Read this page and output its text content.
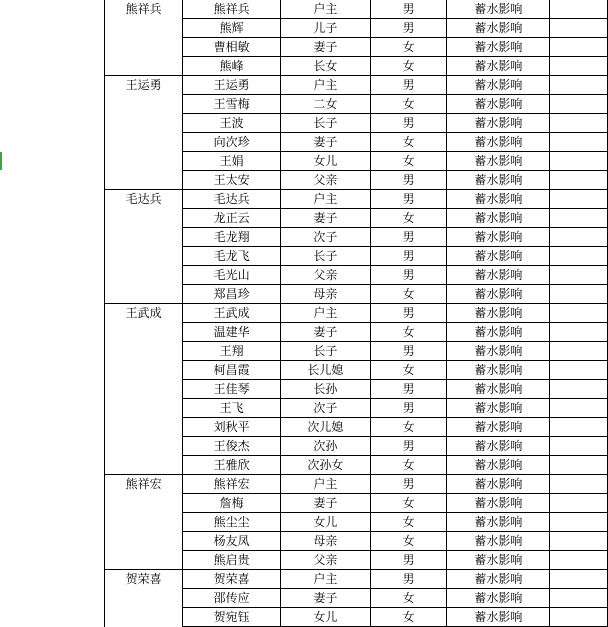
熊祥兵	熊祥兵	户主	男	蓄水影响	
	熊辉	儿子	男	蓄水影响	
	曹相敏	妻子	女	蓄水影响	
	熊峰	长女	女	蓄水影响	
王运勇	王运勇	户主	男	蓄水影响	
	王雪梅	二女	女	蓄水影响	
	王波	长子	男	蓄水影响	
	向次珍	妻子	女	蓄水影响	
	王娟	女儿	女	蓄水影响	
	王太安	父亲	男	蓄水影响	
毛达兵	毛达兵	户主	男	蓄水影响	
	龙正云	妻子	女	蓄水影响	
	毛龙翔	次子	男	蓄水影响	
	毛龙飞	长子	男	蓄水影响	
	毛光山	父亲	男	蓄水影响	
	郑昌珍	母亲	女	蓄水影响	
王武成	王武成	户主	男	蓄水影响	
	温建华	妻子	女	蓄水影响	
	王翔	长子	男	蓄水影响	
	柯昌霞	长儿媳	女	蓄水影响	
	王佳琴	长孙	男	蓄水影响	
	王飞	次子	男	蓄水影响	
	刘秋平	次儿媳	女	蓄水影响	
	王俊杰	次孙	男	蓄水影响	
	王雅欣	次孙女	女	蓄水影响	
熊祥宏	熊祥宏	户主	男	蓄水影响	
	詹梅	妻子	女	蓄水影响	
	熊尘尘	女儿	女	蓄水影响	
	杨友凤	母亲	女	蓄水影响	
	熊启贵	父亲	男	蓄水影响	
贺荣喜	贺荣喜	户主	男	蓄水影响	
	邵传应	妻子	女	蓄水影响	
	贺宛钰	女儿	女	蓄水影响	
